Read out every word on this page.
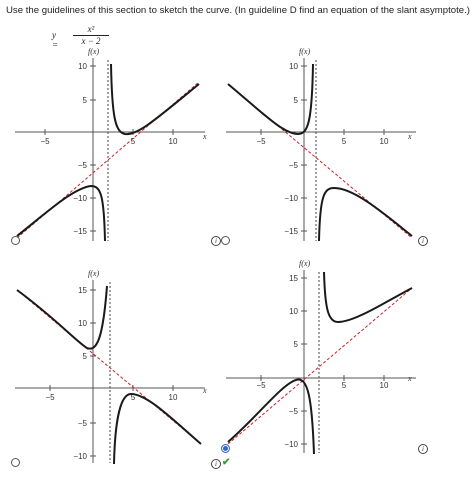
Use the guidelines of this section to sketch the curve. (In guideline D find an equation of the slant asymptote.)
y =
x²
x − 2
f(x)
x
10
5
−5
−10
−15
−5	5	10
f(x)
x
10
5
−5
−10
−15
−5	5	10
f(x)
x
15
10
5
−5
−10
−5	5	10
f(x)
x
15
10
5
−5
−10
−5	5	10
i	i
i ✔
i
